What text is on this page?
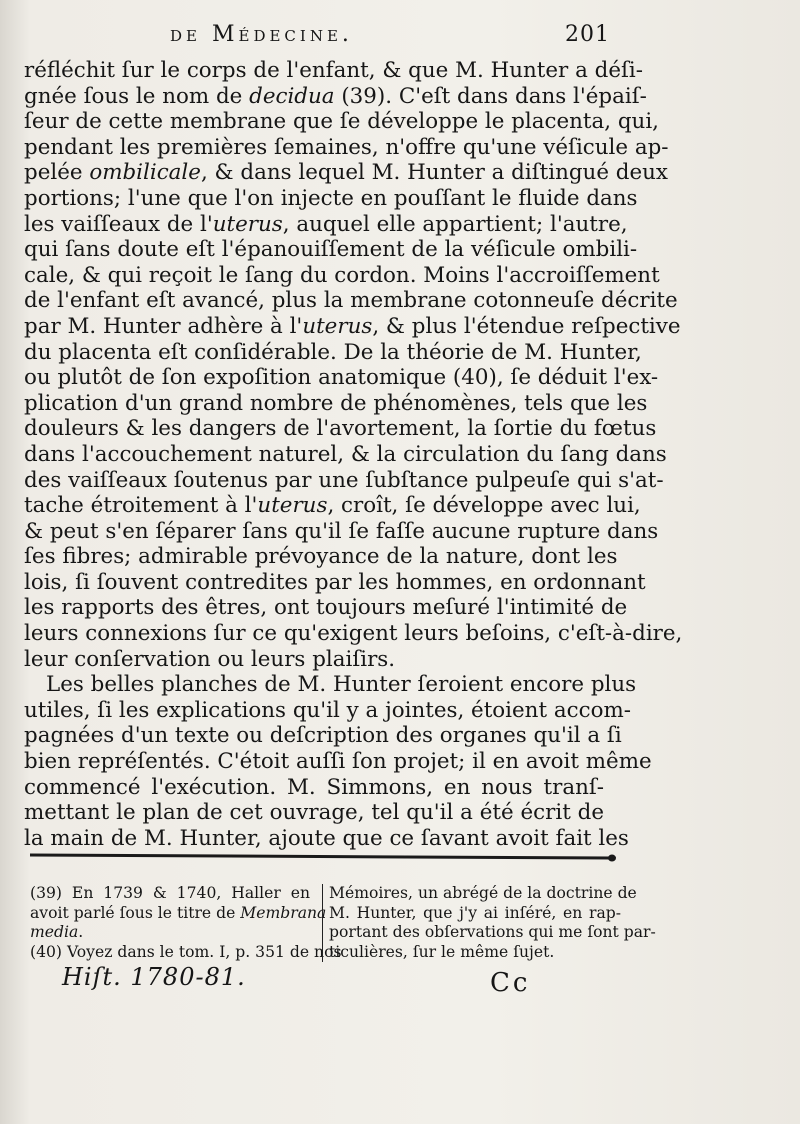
de Médecine.	201
réfléchit ſur le corps de l'enfant, & que M. Hunter a déſi-
gnée ſous le nom de decidua (39). C'eſt dans dans l'épaiſ-
ſeur de cette membrane que ſe développe le placenta, qui,
pendant les premières ſemaines, n'offre qu'une véſicule ap-
pelée ombilicale, & dans lequel M. Hunter a diſtingué deux
portions; l'une que l'on injecte en pouſſant le fluide dans
les vaiſſeaux de l'uterus, auquel elle appartient; l'autre,
qui ſans doute eſt l'épanouiſſement de la véſicule ombili-
cale, & qui reçoit le ſang du cordon. Moins l'accroiſſement
de l'enfant eſt avancé, plus la membrane cotonneuſe décrite
par M. Hunter adhère à l'uterus, & plus l'étendue reſpective
du placenta eſt conſidérable. De la théorie de M. Hunter,
ou plutôt de ſon expoſition anatomique (40), ſe déduit l'ex-
plication d'un grand nombre de phénomènes, tels que les
douleurs & les dangers de l'avortement, la ſortie du fœtus
dans l'accouchement naturel, & la circulation du ſang dans
des vaiſſeaux ſoutenus par une ſubſtance pulpeuſe qui s'at-
tache étroitement à l'uterus, croît, ſe développe avec lui,
& peut s'en ſéparer ſans qu'il ſe faſſe aucune rupture dans
ſes fibres; admirable prévoyance de la nature, dont les
lois, ſi ſouvent contredites par les hommes, en ordonnant
les rapports des êtres, ont toujours meſuré l'intimité de
leurs connexions ſur ce qu'exigent leurs beſoins, c'eſt-à-dire,
leur conſervation ou leurs plaiſirs.
Les belles planches de M. Hunter ſeroient encore plus
utiles, ſi les explications qu'il y a jointes, étoient accom-
pagnées d'un texte ou deſcription des organes qu'il a ſi
bien repréſentés. C'étoit auſſi ſon projet; il en avoit même
commencé l'exécution. M. Simmons, en nous tranſ-
mettant le plan de cet ouvrage, tel qu'il a été écrit de
la main de M. Hunter, ajoute que ce ſavant avoit fait les
(39) En 1739 & 1740, Haller en
avoit parlé ſous le titre de Membrana
media.
(40) Voyez dans le tom. I, p. 351 de nos
Hiſt. 1780-81.
Mémoires, un abrégé de la doctrine de
M. Hunter, que j'y ai inſéré, en rap-
portant des obſervations qui me ſont par-
ticulières, ſur le même ſujet.
Cc
